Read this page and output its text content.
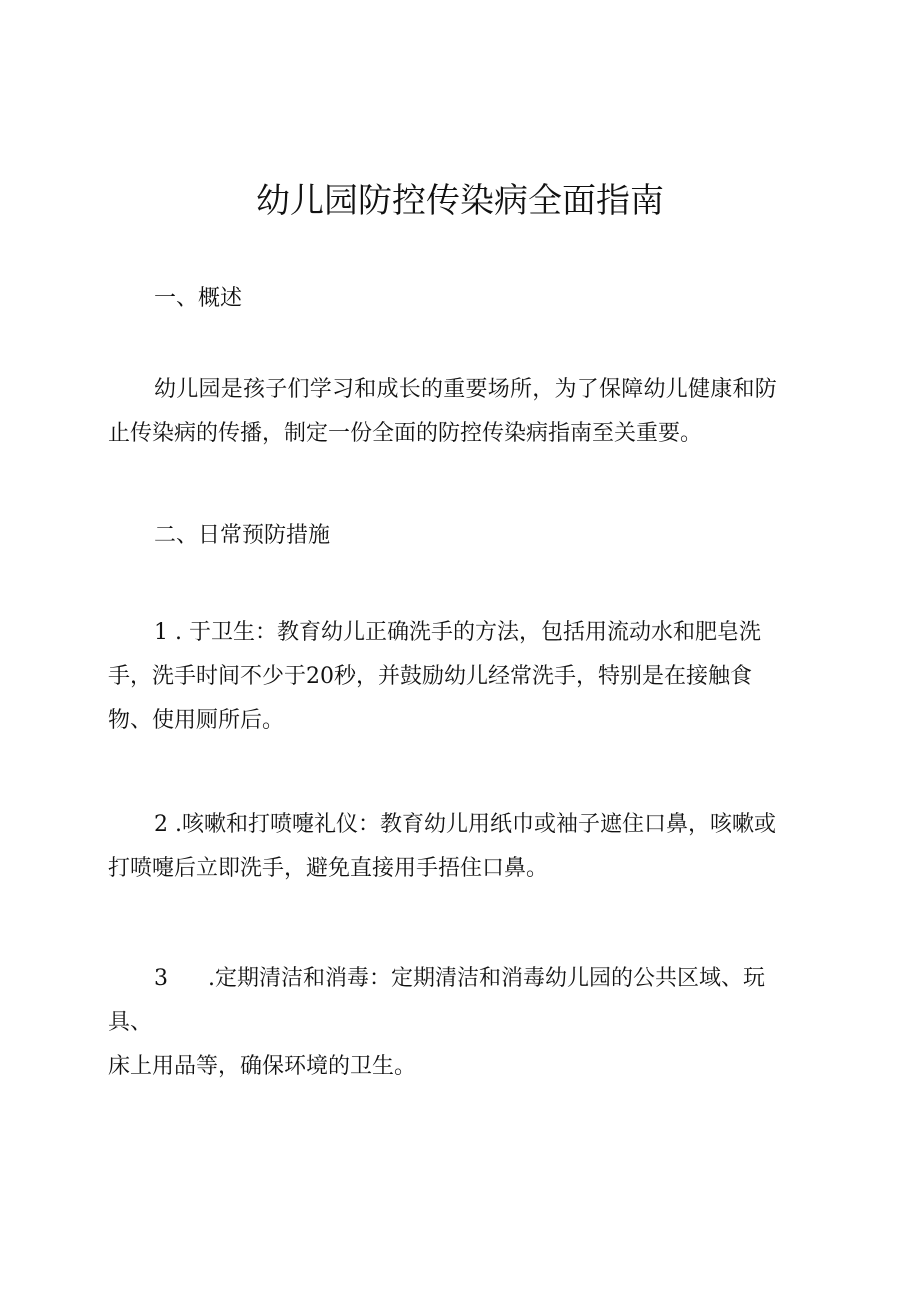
幼儿园防控传染病全面指南
一、概述
幼儿园是孩子们学习和成长的重要场所，为了保障幼儿健康和防
止传染病的传播，制定一份全面的防控传染病指南至关重要。
二、日常预防措施
1 . 于卫生：教育幼儿正确洗手的方法，包括用流动水和肥皂洗
手，洗手时间不少于20秒，并鼓励幼儿经常洗手，特别是在接触食
物、使用厕所后。
2 .咳嗽和打喷嚏礼仪：教育幼儿用纸巾或袖子遮住口鼻，咳嗽或
打喷嚏后立即洗手，避免直接用手捂住口鼻。
3 .定期清洁和消毒：定期清洁和消毒幼儿园的公共区域、玩
具、
床上用品等，确保环境的卫生。
